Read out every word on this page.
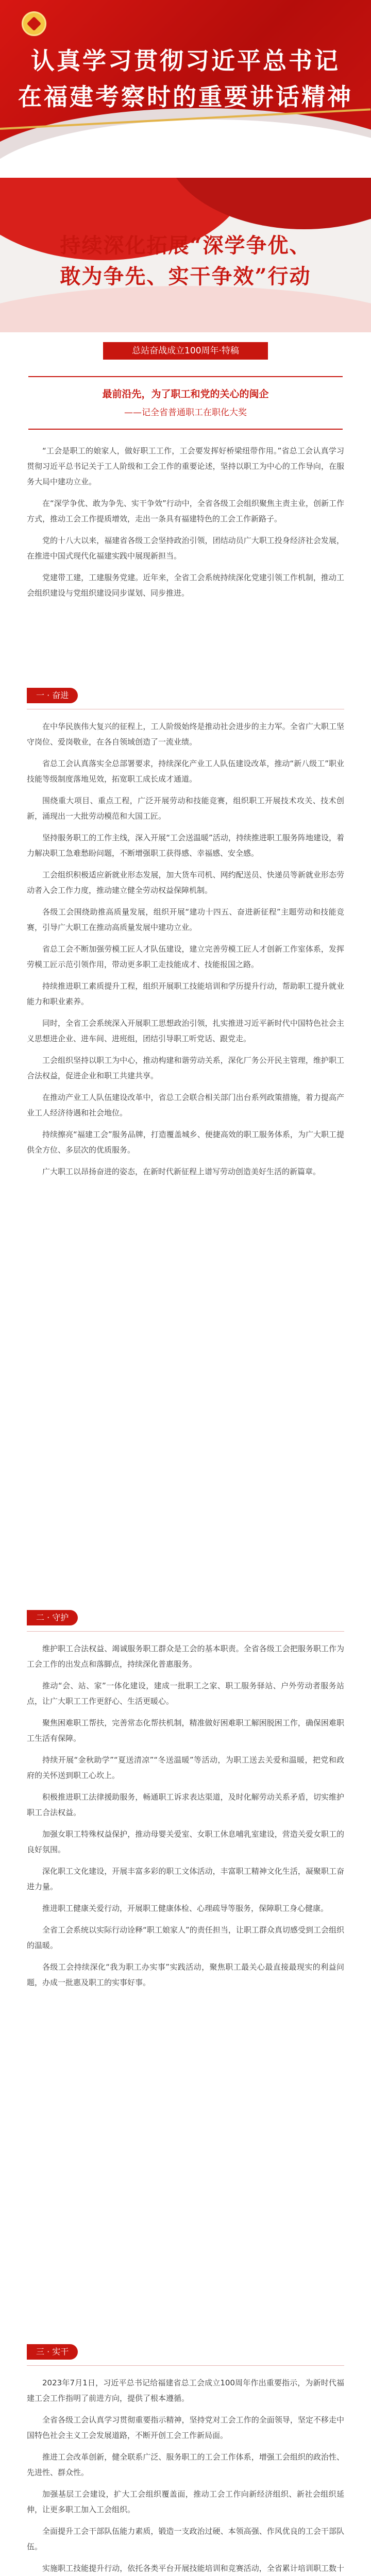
认真学习贯彻习近平总书记
在福建考察时的重要讲话精神
持续深化拓展“深学争优、
敢为争先、实干争效”行动
总站奋战成立100周年·特稿
最前沿先，为了职工和党的关心的闽企
——记全省普通职工在职化大奖

“工会是职工的娘家人，做好职工工作，工会要发挥好桥梁纽带作用。”省总工会认真学习贯彻习近平总书记关于工人阶级和工会工作的重要论述，坚持以职工为中心的工作导向，在服务大局中建功立业。

在“深学争优、敢为争先、实干争效”行动中，全省各级工会组织聚焦主责主业，创新工作方式，推动工会工作提质增效，走出一条具有福建特色的工会工作新路子。

党的十八大以来，福建省各级工会坚持政治引领，团结动员广大职工投身经济社会发展，在推进中国式现代化福建实践中展现新担当。

党建带工建，工建服务党建。近年来，全省工会系统持续深化党建引领工作机制，推动工会组织建设与党组织建设同步谋划、同步推进。

一 · 奋进

在中华民族伟大复兴的征程上，工人阶级始终是推动社会进步的主力军。全省广大职工坚守岗位、爱岗敬业，在各自领域创造了一流业绩。

省总工会认真落实全总部署要求，持续深化产业工人队伍建设改革，推动“新八级工”职业技能等级制度落地见效，拓宽职工成长成才通道。

围绕重大项目、重点工程，广泛开展劳动和技能竞赛，组织职工开展技术攻关、技术创新，涌现出一大批劳动模范和大国工匠。

坚持服务职工的工作主线，深入开展“工会送温暖”活动，持续推进职工服务阵地建设，着力解决职工急难愁盼问题，不断增强职工获得感、幸福感、安全感。

工会组织积极适应新就业形态发展，加大货车司机、网约配送员、快递员等新就业形态劳动者入会工作力度，推动建立健全劳动权益保障机制。

各级工会围绕助推高质量发展，组织开展“建功十四五、奋进新征程”主题劳动和技能竞赛，引导广大职工在推动高质量发展中建功立业。

省总工会不断加强劳模工匠人才队伍建设，建立完善劳模工匠人才创新工作室体系，发挥劳模工匠示范引领作用，带动更多职工走技能成才、技能报国之路。

持续推进职工素质提升工程，组织开展职工技能培训和学历提升行动，帮助职工提升就业能力和职业素养。

同时，全省工会系统深入开展职工思想政治引领，扎实推进习近平新时代中国特色社会主义思想进企业、进车间、进班组，团结引导职工听党话、跟党走。

工会组织坚持以职工为中心，推动构建和谐劳动关系，深化厂务公开民主管理，维护职工合法权益，促进企业和职工共建共享。

在推动产业工人队伍建设改革中，省总工会联合相关部门出台系列政策措施，着力提高产业工人经济待遇和社会地位。

持续擦亮“福建工会”服务品牌，打造覆盖城乡、便捷高效的职工服务体系，为广大职工提供全方位、多层次的优质服务。

广大职工以昂扬奋进的姿态，在新时代新征程上谱写劳动创造美好生活的新篇章。

二 · 守护

维护职工合法权益、竭诚服务职工群众是工会的基本职责。全省各级工会把服务职工作为工会工作的出发点和落脚点，持续深化普惠服务。

推动“会、站、家”一体化建设，建成一批职工之家、职工服务驿站、户外劳动者服务站点，让广大职工工作更舒心、生活更暖心。

聚焦困难职工帮扶，完善常态化帮扶机制，精准做好困难职工解困脱困工作，确保困难职工生活有保障。

持续开展“金秋助学”“夏送清凉”“冬送温暖”等活动，为职工送去关爱和温暖，把党和政府的关怀送到职工心坎上。

积极推进职工法律援助服务，畅通职工诉求表达渠道，及时化解劳动关系矛盾，切实维护职工合法权益。

加强女职工特殊权益保护，推动母婴关爱室、女职工休息哺乳室建设，营造关爱女职工的良好氛围。

深化职工文化建设，开展丰富多彩的职工文体活动，丰富职工精神文化生活，凝聚职工奋进力量。

推进职工健康关爱行动，开展职工健康体检、心理疏导等服务，保障职工身心健康。

全省工会系统以实际行动诠释“职工娘家人”的责任担当，让职工群众真切感受到工会组织的温暖。

各级工会持续深化“我为职工办实事”实践活动，聚焦职工最关心最直接最现实的利益问题，办成一批惠及职工的实事好事。

三 · 实干

2023年7月1日，习近平总书记给福建省总工会成立100周年作出重要指示，为新时代福建工会工作指明了前进方向，提供了根本遵循。

全省各级工会认真学习贯彻重要指示精神，坚持党对工会工作的全面领导，坚定不移走中国特色社会主义工会发展道路，不断开创工会工作新局面。

推进工会改革创新，健全联系广泛、服务职工的工会工作体系，增强工会组织的政治性、先进性、群众性。

加强基层工会建设，扩大工会组织覆盖面，推动工会工作向新经济组织、新社会组织延伸，让更多职工加入工会组织。

全面提升工会干部队伍能力素质，锻造一支政治过硬、本领高强、作风优良的工会干部队伍。

实施职工技能提升行动，依托各类平台开展技能培训和竞赛活动，全省累计培训职工数十
